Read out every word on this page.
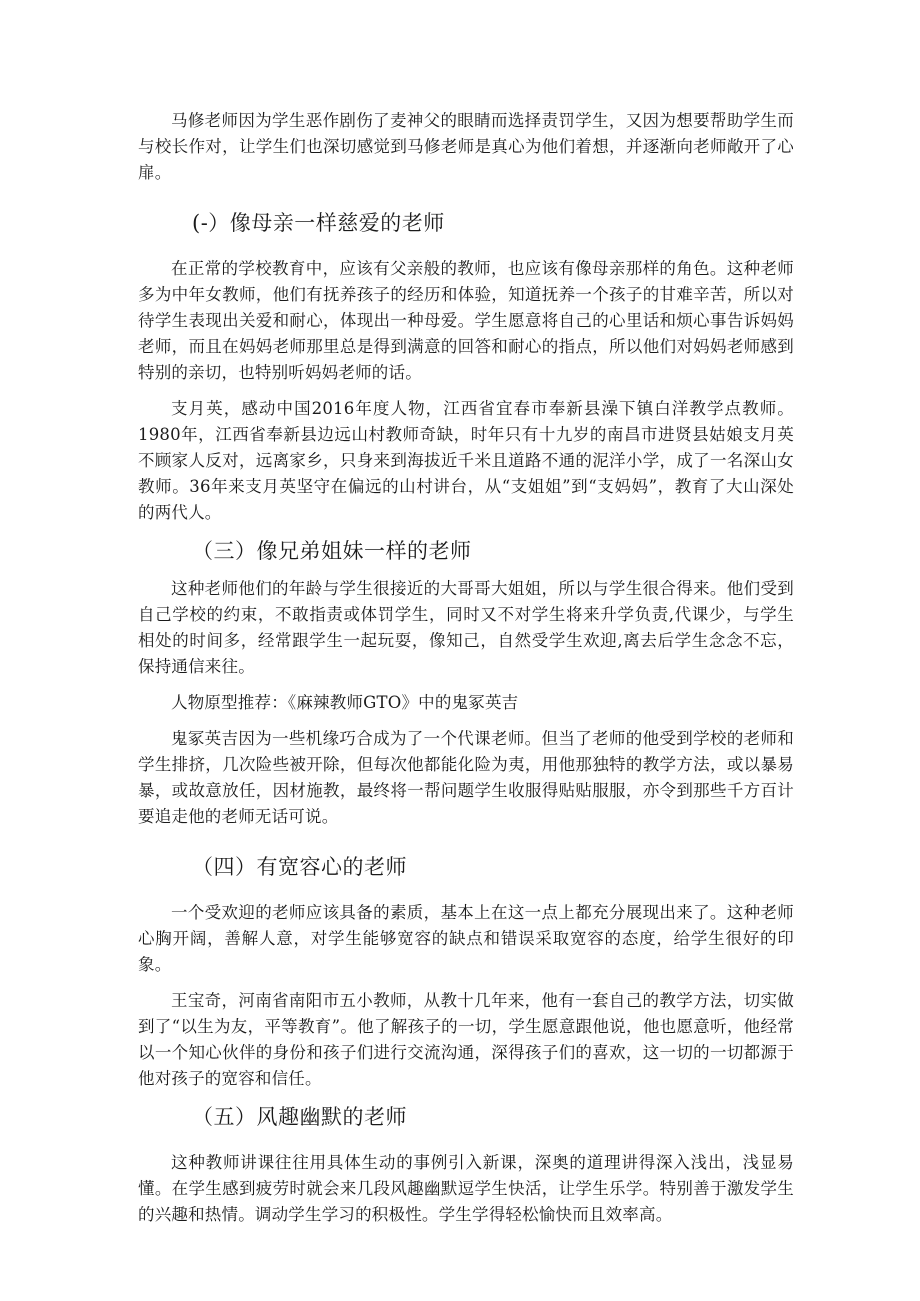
马修老师因为学生恶作剧伤了麦神父的眼睛而选择责罚学生，又因为想要帮助学生而与校长作对，让学生们也深切感觉到马修老师是真心为他们着想，并逐渐向老师敞开了心扉。

(-）像母亲一样慈爱的老师

在正常的学校教育中，应该有父亲般的教师，也应该有像母亲那样的角色。这种老师多为中年女教师，他们有抚养孩子的经历和体验，知道抚养一个孩子的甘难辛苦，所以对待学生表现出关爱和耐心，体现出一种母爱。学生愿意将自己的心里话和烦心事告诉妈妈老师，而且在妈妈老师那里总是得到满意的回答和耐心的指点，所以他们对妈妈老师感到特别的亲切，也特别听妈妈老师的话。

支月英，感动中国2016年度人物，江西省宜春市奉新县澡下镇白洋教学点教师。1980年，江西省奉新县边远山村教师奇缺，时年只有十九岁的南昌市进贤县姑娘支月英不顾家人反对，远离家乡，只身来到海拔近千米且道路不通的泥洋小学，成了一名深山女教师。36年来支月英坚守在偏远的山村讲台，从“支姐姐”到“支妈妈”，教育了大山深处的两代人。

（三）像兄弟姐妹一样的老师

这种老师他们的年龄与学生很接近的大哥哥大姐姐，所以与学生很合得来。他们受到自己学校的约束，不敢指责或体罚学生，同时又不对学生将来升学负责,代课少，与学生相处的时间多，经常跟学生一起玩耍，像知己，自然受学生欢迎,离去后学生念念不忘，保持通信来往。

人物原型推荐：《麻辣教师GTO》中的鬼冢英吉

鬼冢英吉因为一些机缘巧合成为了一个代课老师。但当了老师的他受到学校的老师和学生排挤，几次险些被开除，但每次他都能化险为夷，用他那独特的教学方法，或以暴易暴，或故意放任，因材施教，最终将一帮问题学生收服得贴贴服服，亦令到那些千方百计要追走他的老师无话可说。

（四）有宽容心的老师

一个受欢迎的老师应该具备的素质，基本上在这一点上都充分展现出来了。这种老师心胸开阔，善解人意，对学生能够宽容的缺点和错误采取宽容的态度，给学生很好的印象。

王宝奇，河南省南阳市五小教师，从教十几年来，他有一套自己的教学方法，切实做到了“以生为友，平等教育”。他了解孩子的一切，学生愿意跟他说，他也愿意听，他经常以一个知心伙伴的身份和孩子们进行交流沟通，深得孩子们的喜欢，这一切的一切都源于他对孩子的宽容和信任。

（五）风趣幽默的老师

这种教师讲课往往用具体生动的事例引入新课，深奥的道理讲得深入浅出，浅显易懂。在学生感到疲劳时就会来几段风趣幽默逗学生快活，让学生乐学。特别善于激发学生的兴趣和热情。调动学生学习的积极性。学生学得轻松愉快而且效率高。
